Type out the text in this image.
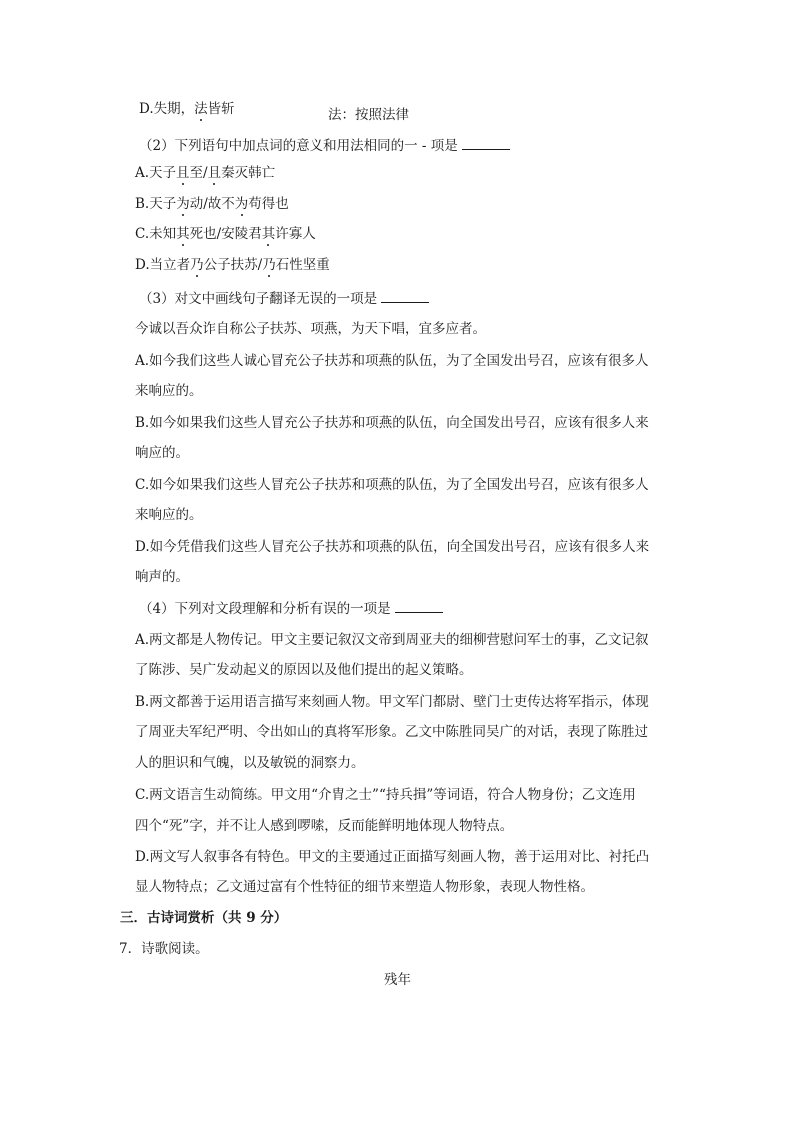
D.失期，法皆斩	法：按照法律
（2）下列语句中加点词的意义和用法相同的一 - 项是
A.天子且至/且秦灭韩亡
B.天子为动/故不为苟得也
C.未知其死也/安陵君其许寡人
D.当立者乃公子扶苏/乃石性坚重
（3）对文中画线句子翻译无误的一项是
今诚以吾众诈自称公子扶苏、项燕，为天下唱，宜多应者。
A.如今我们这些人诚心冒充公子扶苏和项燕的队伍，为了全国发出号召，应该有很多人
来响应的。
B.如今如果我们这些人冒充公子扶苏和项燕的队伍，向全国发出号召，应该有很多人来
响应的。
C.如今如果我们这些人冒充公子扶苏和项燕的队伍，为了全国发出号召，应该有很多人
来响应的。
D.如今凭借我们这些人冒充公子扶苏和项燕的队伍，向全国发出号召，应该有很多人来
响声的。
（4）下列对文段理解和分析有误的一项是
A.两文都是人物传记。甲文主要记叙汉文帝到周亚夫的细柳营慰问军士的事，乙文记叙
了陈涉、吴广发动起义的原因以及他们提出的起义策略。
B.两文都善于运用语言描写来刻画人物。甲文军门都尉、壁门士吏传达将军指示，体现
了周亚夫军纪严明、令出如山的真将军形象。乙文中陈胜同吴广的对话，表现了陈胜过
人的胆识和气魄，以及敏锐的洞察力。
C.两文语言生动简练。甲文用“介胄之士”“持兵揖”等词语，符合人物身份；乙文连用
四个“死”字，并不让人感到啰嗦，反而能鲜明地体现人物特点。
D.两文写人叙事各有特色。甲文的主要通过正面描写刻画人物，善于运用对比、衬托凸
显人物特点；乙文通过富有个性特征的细节来塑造人物形象，表现人物性格。
三．古诗词赏析（共 9 分）
7．诗歌阅读。
残年
